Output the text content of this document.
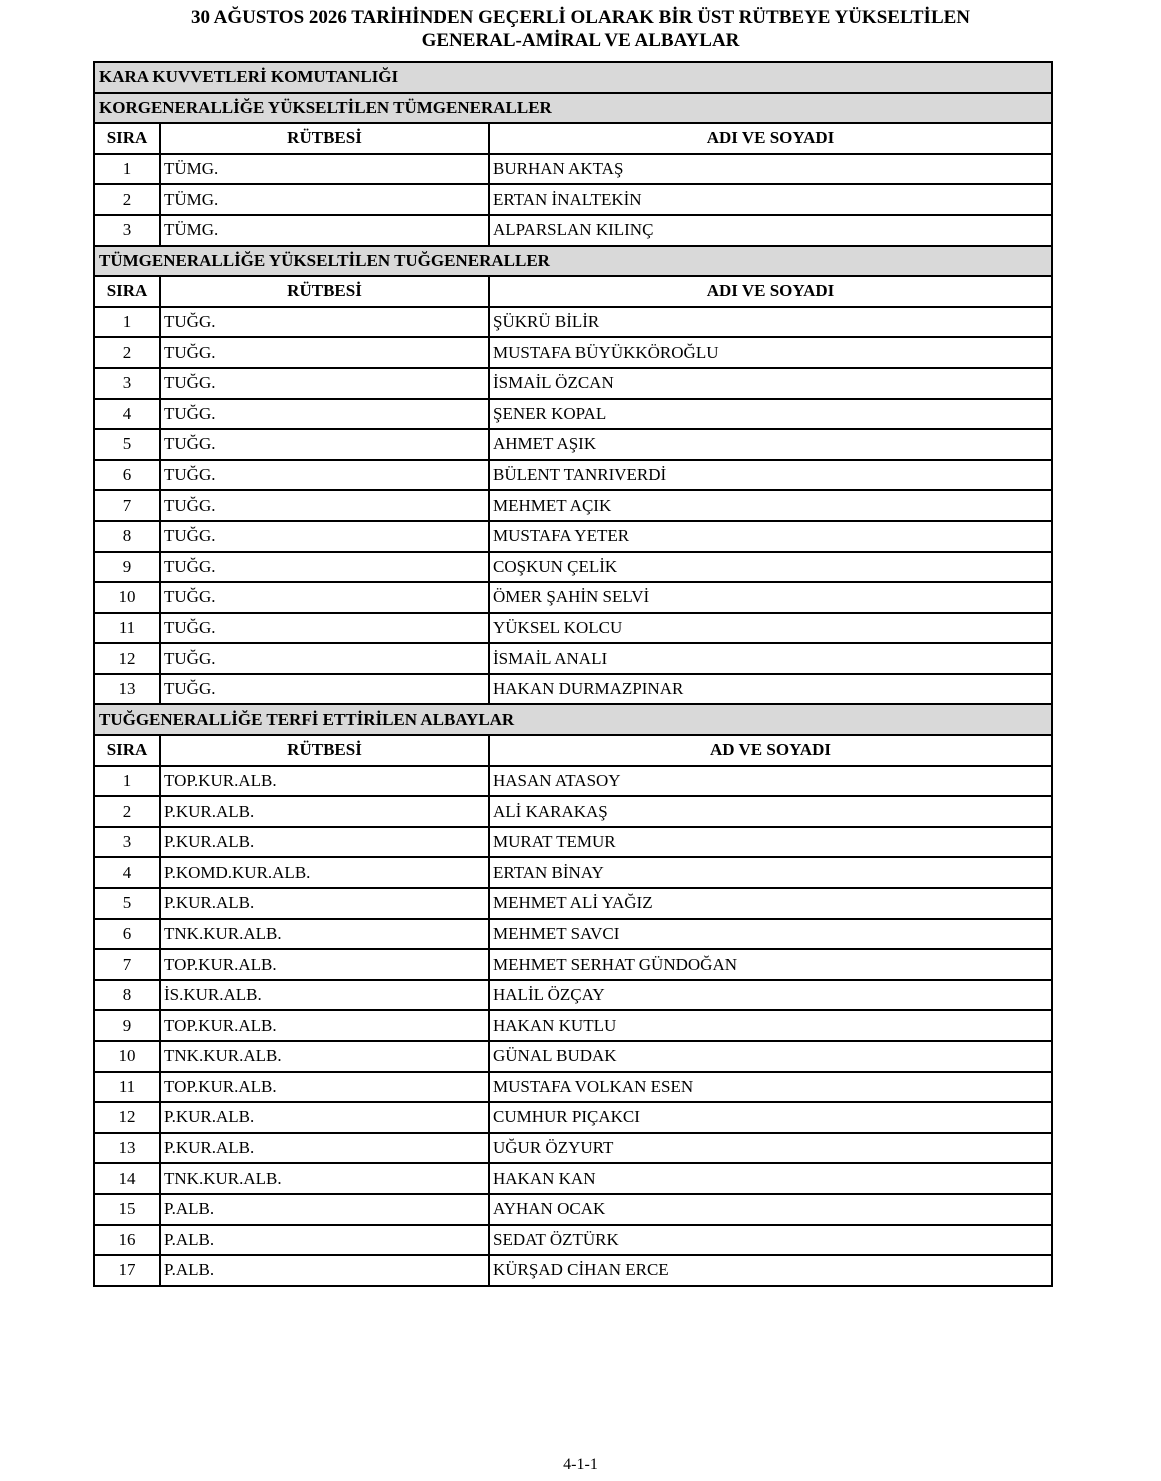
30 AĞUSTOS 2026 TARİHİNDEN GEÇERLİ OLARAK BİR ÜST RÜTBEYE YÜKSELTİLEN
GENERAL-AMİRAL VE ALBAYLAR
KARA KUVVETLERİ KOMUTANLIĞI		
KORGENERALLİĞE YÜKSELTİLEN TÜMGENERALLER		
SIRA	RÜTBESİ	ADI VE SOYADI
1	TÜMG.	BURHAN AKTAŞ
2	TÜMG.	ERTAN İNALTEKİN
3	TÜMG.	ALPARSLAN KILINÇ
TÜMGENERALLİĞE YÜKSELTİLEN TUĞGENERALLER		
SIRA	RÜTBESİ	ADI VE SOYADI
1	TUĞG.	ŞÜKRÜ BİLİR
2	TUĞG.	MUSTAFA BÜYÜKKÖROĞLU
3	TUĞG.	İSMAİL ÖZCAN
4	TUĞG.	ŞENER KOPAL
5	TUĞG.	AHMET AŞIK
6	TUĞG.	BÜLENT TANRIVERDİ
7	TUĞG.	MEHMET AÇIK
8	TUĞG.	MUSTAFA YETER
9	TUĞG.	COŞKUN ÇELİK
10	TUĞG.	ÖMER ŞAHİN SELVİ
11	TUĞG.	YÜKSEL KOLCU
12	TUĞG.	İSMAİL ANALI
13	TUĞG.	HAKAN DURMAZPINAR
TUĞGENERALLİĞE TERFİ ETTİRİLEN ALBAYLAR		
SIRA	RÜTBESİ	AD VE SOYADI
1	TOP.KUR.ALB.	HASAN ATASOY
2	P.KUR.ALB.	ALİ KARAKAŞ
3	P.KUR.ALB.	MURAT TEMUR
4	P.KOMD.KUR.ALB.	ERTAN BİNAY
5	P.KUR.ALB.	MEHMET ALİ YAĞIZ
6	TNK.KUR.ALB.	MEHMET SAVCI
7	TOP.KUR.ALB.	MEHMET SERHAT GÜNDOĞAN
8	İS.KUR.ALB.	HALİL ÖZÇAY
9	TOP.KUR.ALB.	HAKAN KUTLU
10	TNK.KUR.ALB.	GÜNAL BUDAK
11	TOP.KUR.ALB.	MUSTAFA VOLKAN ESEN
12	P.KUR.ALB.	CUMHUR PIÇAKCI
13	P.KUR.ALB.	UĞUR ÖZYURT
14	TNK.KUR.ALB.	HAKAN KAN
15	P.ALB.	AYHAN OCAK
16	P.ALB.	SEDAT ÖZTÜRK
17	P.ALB.	KÜRŞAD CİHAN ERCE
4-1-1
